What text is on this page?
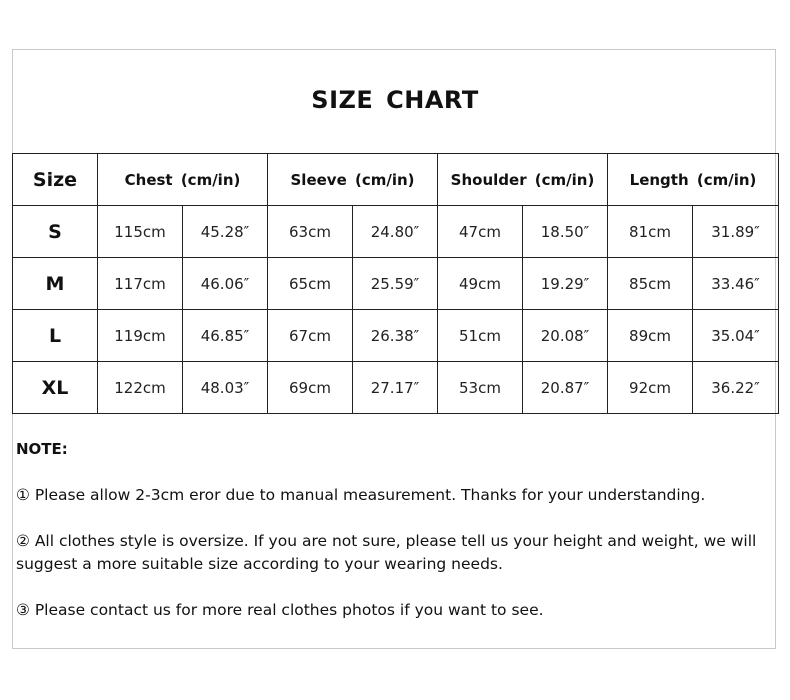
SIZE CHART
Size	Chest (cm/in)		Sleeve (cm/in)		Shoulder (cm/in)		Length (cm/in)	
S	115cm	45.28″	63cm	24.80″	47cm	18.50″	81cm	31.89″
M	117cm	46.06″	65cm	25.59″	49cm	19.29″	85cm	33.46″
L	119cm	46.85″	67cm	26.38″	51cm	20.08″	89cm	35.04″
XL	122cm	48.03″	69cm	27.17″	53cm	20.87″	92cm	36.22″
NOTE:
① Please allow 2-3cm eror due to manual measurement. Thanks for your understanding.
② All clothes style is oversize. If you are not sure, please tell us your height and weight, we will suggest a more suitable size according to your wearing needs.
③ Please contact us for more real clothes photos if you want to see.
